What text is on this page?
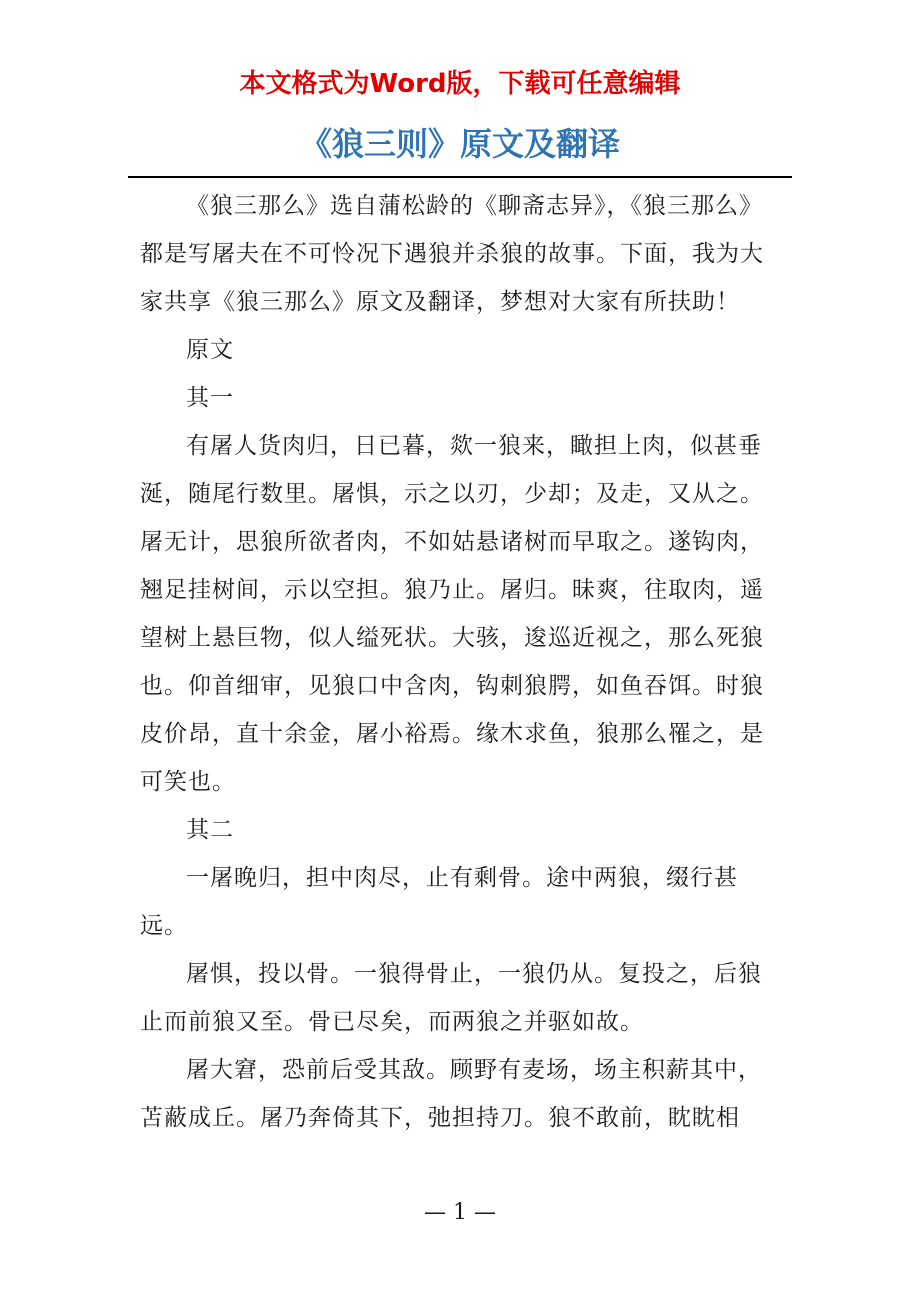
本文格式为Word版，下载可任意编辑
《狼三则》原文及翻译

《狼三那么》选自蒲松龄的《聊斋志异》，《狼三那么》都是写屠夫在不可怜况下遇狼并杀狼的故事。下面，我为大家共享《狼三那么》原文及翻译，梦想对大家有所扶助！

原文

其一

有屠人货肉归，日已暮，欻一狼来，瞰担上肉，似甚垂涎，随尾行数里。屠惧，示之以刃，少却；及走，又从之。屠无计，思狼所欲者肉，不如姑悬诸树而早取之。遂钩肉，翘足挂树间，示以空担。狼乃止。屠归。昧爽，往取肉，遥望树上悬巨物，似人缢死状。大骇，逡巡近视之，那么死狼也。仰首细审，见狼口中含肉，钩刺狼腭，如鱼吞饵。时狼皮价昂，直十余金，屠小裕焉。缘木求鱼，狼那么罹之，是可笑也。

其二

一屠晚归，担中肉尽，止有剩骨。途中两狼，缀行甚远。

屠惧，投以骨。一狼得骨止，一狼仍从。复投之，后狼止而前狼又至。骨已尽矣，而两狼之并驱如故。

屠大窘，恐前后受其敌。顾野有麦场，场主积薪其中，苫蔽成丘。屠乃奔倚其下，弛担持刀。狼不敢前，眈眈相

— 1 —
